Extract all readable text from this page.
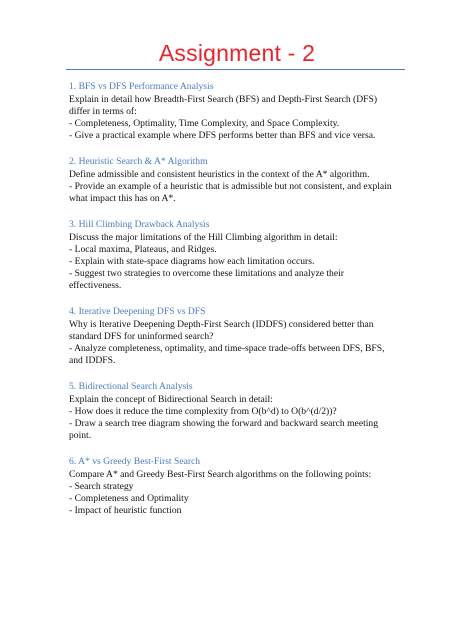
Assignment - 2
1. BFS vs DFS Performance Analysis
Explain in detail how Breadth-First Search (BFS) and Depth-First Search (DFS)
differ in terms of:
- Completeness, Optimality, Time Complexity, and Space Complexity.
- Give a practical example where DFS performs better than BFS and vice versa.
2. Heuristic Search & A* Algorithm
Define admissible and consistent heuristics in the context of the A* algorithm.
- Provide an example of a heuristic that is admissible but not consistent, and explain
what impact this has on A*.
3. Hill Climbing Drawback Analysis
Discuss the major limitations of the Hill Climbing algorithm in detail:
- Local maxima, Plateaus, and Ridges.
- Explain with state-space diagrams how each limitation occurs.
- Suggest two strategies to overcome these limitations and analyze their
effectiveness.
4. Iterative Deepening DFS vs DFS
Why is Iterative Deepening Depth-First Search (IDDFS) considered better than
standard DFS for uninformed search?
- Analyze completeness, optimality, and time-space trade-offs between DFS, BFS,
and IDDFS.
5. Bidirectional Search Analysis
Explain the concept of Bidirectional Search in detail:
- How does it reduce the time complexity from O(b^d) to O(b^(d/2))?
- Draw a search tree diagram showing the forward and backward search meeting
point.
6. A* vs Greedy Best-First Search
Compare A* and Greedy Best-First Search algorithms on the following points:
- Search strategy
- Completeness and Optimality
- Impact of heuristic function
